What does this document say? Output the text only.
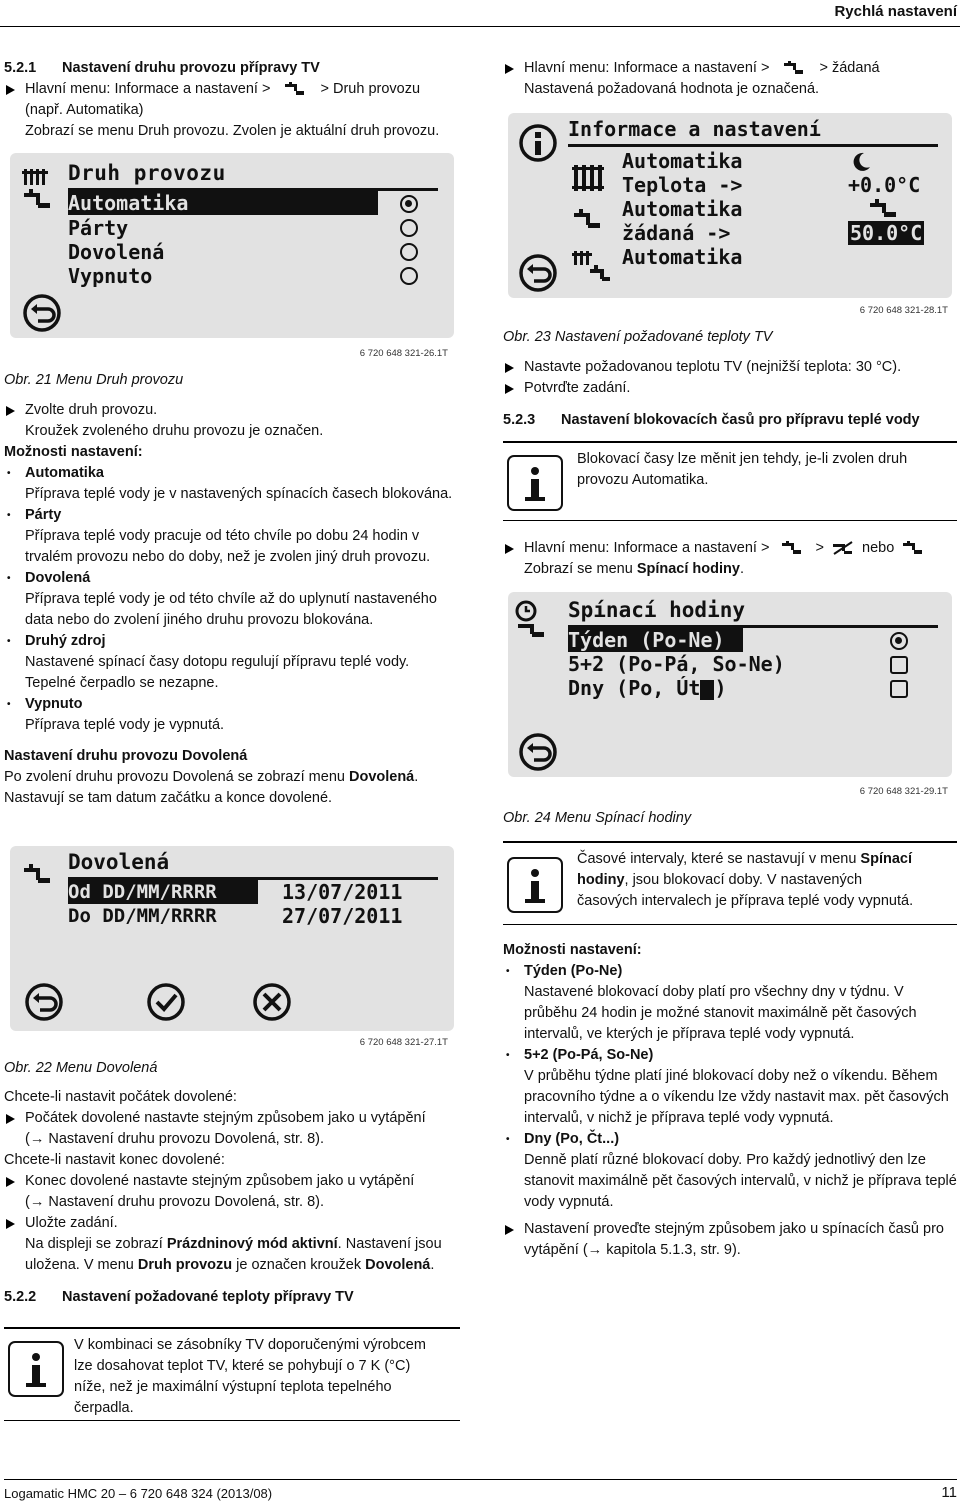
Rychlá nastavení
5.2.1 Nastavení druhu provozu přípravy TV
Hlavní menu: Informace a nastavení >	> Druh provozu
(např. Automatika)
Zobrazí se menu Druh provozu. Zvolen je aktuální druh provozu.
Druh provozu
Automatika
Párty
Dovolená
Vypnuto
6 720 648 321-26.1T
Obr. 21 Menu Druh provozu
Zvolte druh provozu.
Kroužek zvoleného druhu provozu je označen.
Možnosti nastavení:
• Automatika
Příprava teplé vody je v nastavených spínacích časech blokována.
• Párty
Příprava teplé vody pracuje od této chvíle po dobu 24 hodin v trvalém provozu nebo do doby, než je zvolen jiný druh provozu.
• Dovolená
Příprava teplé vody je od této chvíle až do uplynutí nastaveného data nebo do zvolení jiného druhu provozu blokována.
• Druhý zdroj
Nastavené spínací časy dotopu regulují přípravu teplé vody. Tepelné čerpadlo se nezapne.
• Vypnuto
Příprava teplé vody je vypnutá.
Nastavení druhu provozu Dovolená
Po zvolení druhu provozu Dovolená se zobrazí menu Dovolená.
Nastavují se tam datum začátku a konce dovolené.
Dovolená
Od DD/MM/RRRR	13/07/2011
Do DD/MM/RRRR	27/07/2011
6 720 648 321-27.1T
Obr. 22 Menu Dovolená
Chcete-li nastavit počátek dovolené:
Počátek dovolené nastavte stejným způsobem jako u vytápění
(→ Nastavení druhu provozu Dovolená, str. 8).
Chcete-li nastavit konec dovolené:
Konec dovolené nastavte stejným způsobem jako u vytápění
(→ Nastavení druhu provozu Dovolená, str. 8).
Uložte zadání.
Na displeji se zobrazí Prázdninový mód aktivní. Nastavení jsou
uložena. V menu Druh provozu je označen kroužek Dovolená.
5.2.2 Nastavení požadované teploty přípravy TV
V kombinaci se zásobníky TV doporučenými výrobcem lze dosahovat teplot TV, které se pohybují o 7 K (°C) níže, než je maximální výstupní teplota tepelného čerpadla.
Hlavní menu: Informace a nastavení >	> žádaná
Nastavená požadovaná hodnota je označená.
Informace a nastavení
Automatika
Teplota ->	+0.0°C
Automatika
žádaná ->	50.0°C
Automatika
6 720 648 321-28.1T
Obr. 23 Nastavení požadované teploty TV
Nastavte požadovanou teplotu TV (nejnižší teplota: 30 °C).
Potvrďte zadání.
5.2.3 Nastavení blokovacích časů pro přípravu teplé vody
Blokovací časy lze měnit jen tehdy, je-li zvolen druh provozu Automatika.
Hlavní menu: Informace a nastavení >	>	nebo
Zobrazí se menu Spínací hodiny.
Spínací hodiny
Týden (Po-Ne)
5+2 (Po-Pá, So-Ne)
Dny (Po, Út )
6 720 648 321-29.1T
Obr. 24 Menu Spínací hodiny
Časové intervaly, které se nastavují v menu Spínací hodiny, jsou blokovací doby. V nastavených časových intervalech je příprava teplé vody vypnutá.
Možnosti nastavení:
• Týden (Po-Ne)
Nastavené blokovací doby platí pro všechny dny v týdnu. V průběhu 24 hodin je možné stanovit maximálně pět časových intervalů, ve kterých je příprava teplé vody vypnutá.
• 5+2 (Po-Pá, So-Ne)
V průběhu týdne platí jiné blokovací doby než o víkendu. Během pracovního týdne a o víkendu lze vždy nastavit max. pět časových intervalů, v nichž je příprava teplé vody vypnutá.
• Dny (Po, Čt...)
Denně platí různé blokovací doby. Pro každý jednotlivý den lze stanovit maximálně pět časových intervalů, v nichž je příprava teplé vody vypnutá.
Nastavení proveďte stejným způsobem jako u spínacích časů pro vytápění (→ kapitola 5.1.3, str. 9).
Logamatic HMC 20 – 6 720 648 324 (2013/08)	11
